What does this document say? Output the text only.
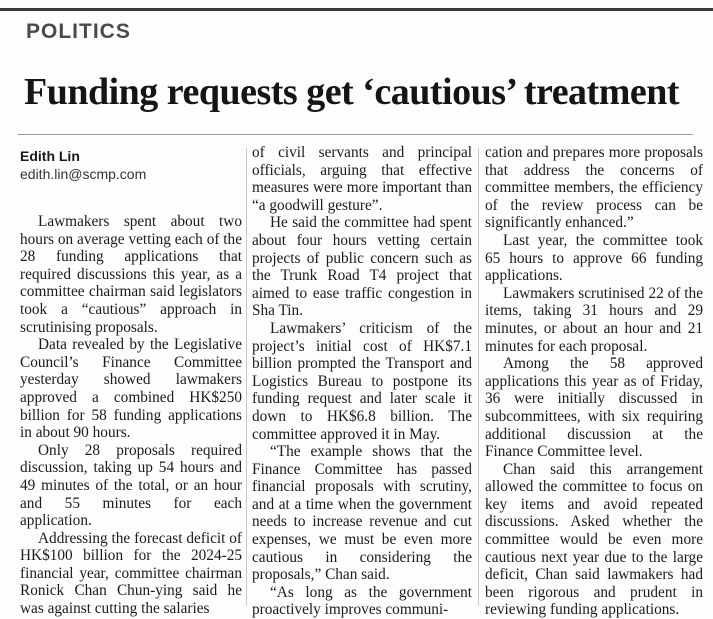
POLITICS
Funding requests get ‘cautious’ treatment
Edith Lin
edith.lin@scmp.com

Lawmakers spent about two hours on average vetting each of the 28 funding applications that required discussions this year, as a committee chairman said legislators took a “cautious” approach in scrutinising proposals.

Data revealed by the Legislative Council’s Finance Committee yesterday showed lawmakers approved a combined HK$250 billion for 58 funding applications in about 90 hours.

Only 28 proposals required discussion, taking up 54 hours and 49 minutes of the total, or an hour and 55 minutes for each application.

Addressing the forecast deficit of HK$100 billion for the 2024-25 financial year, committee chairman Ronick Chan Chun-ying said he was against cutting the salaries

of civil servants and principal officials, arguing that effective measures were more important than “a goodwill gesture”.

He said the committee had spent about four hours vetting certain projects of public concern such as the Trunk Road T4 project that aimed to ease traffic congestion in Sha Tin.

Lawmakers’ criticism of the project’s initial cost of HK$7.1 billion prompted the Transport and Logistics Bureau to postpone its funding request and later scale it down to HK$6.8 billion. The committee approved it in May.

“The example shows that the Finance Committee has passed financial proposals with scrutiny, and at a time when the government needs to increase revenue and cut expenses, we must be even more cautious in considering the proposals,” Chan said.

“As long as the government proactively improves communi-

cation and prepares more proposals that address the concerns of committee members, the efficiency of the review process can be significantly enhanced.”

Last year, the committee took 65 hours to approve 66 funding applications.

Lawmakers scrutinised 22 of the items, taking 31 hours and 29 minutes, or about an hour and 21 minutes for each proposal.

Among the 58 approved applications this year as of Friday, 36 were initially discussed in subcommittees, with six requiring additional discussion at the Finance Committee level.

Chan said this arrangement allowed the committee to focus on key items and avoid repeated discussions. Asked whether the committee would be even more cautious next year due to the large deficit, Chan said lawmakers had been rigorous and prudent in reviewing funding applications.
